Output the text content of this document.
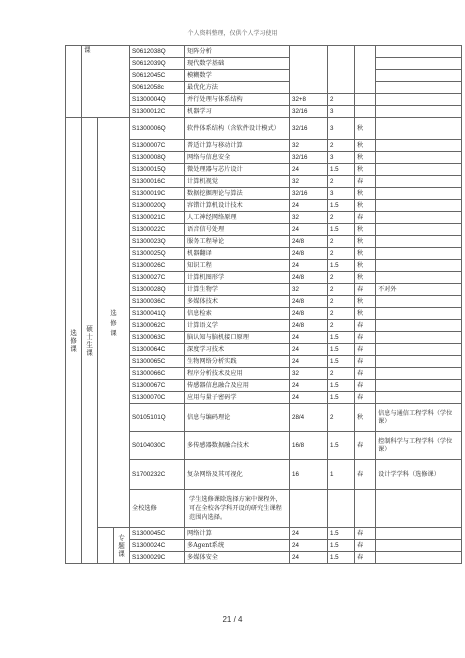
个人资料整理，仅供个人学习使用
	课			S0612038Q	矩阵分析				
				S0612039Q	现代数学基础				
				S0612045C	模糊数学				
				S0612058c	最优化方法				
				S1300004Q	并行处理与体系结构	32+8	2		
				S1300012C	机器学习	32/16	3		
选
修
课	硕
士
生
课	选
修
课		S1300006Q	软件体系结构（含软件设计模式）	32/16	3	秋	
				S1300007C	普适计算与移动计算	32	2	秋	
				S1300008Q	网络与信息安全	32/16	3	秋	
				S1300015Q	微处理器与芯片设计	24	1.5	秋	
				S1300016C	计算机视觉	32	2	春	
				S1300019C	数据挖掘理论与算法	32/16	3	秋	
				S1300020Q	容错计算机设计技术	24	1.5	秋	
				S1300021C	人工神经网络原理	32	2	春	
				S1300022C	语音信号处理	24	1.5	秋	
				S1300023Q	服务工程导论	24/8	2	秋	
				S1300025Q	机器翻译	24/8	2	秋	
				S1300026C	知识工程	24	1.5	秋	
				S1300027C	计算机图形学	24/8	2	秋	
				S1300028Q	计算生物学	32	2	春	不对外
				S1300036C	多媒体技术	24/8	2	秋	
				S1300041Q	信息检索	24/8	2	秋	
				S1300062C	计算语义学	24/8	2	春	
				S1300063C	脑认知与脑机接口原理	24	1.5	春	
				S1300064C	深度学习技术	24	1.5	春	
				S1300065C	生物网络分析实践	24	1.5	春	
				S1300066C	程序分析技术及应用	32	2	春	
				S1300067C	传感器信息融合及应用	24	1.5	春	
				S1300070C	应用与量子密码学	24	1.5	春	
				S0105101Q	信息与编码理论	28/4	2	秋	信息与通信工程学科（学位课）
				S0104030C	多传感器数据融合技术	16/8	1.5	春	控制科学与工程学科（学位课）
				S1700232C	复杂网络及其可视化	16	1	春	设计学学科（选修课）
				全校选修	学生选修课除选择方案中课程外，可在全校各学科开设的研究生课程范围内选择。				
			专
题
课	S1300045C	网络计算	24	1.5	春	
				S1300024C	多Agent系统	24	1.5	春	
				S1300029C	多媒体安全	24	1.5	春	
21 / 4
